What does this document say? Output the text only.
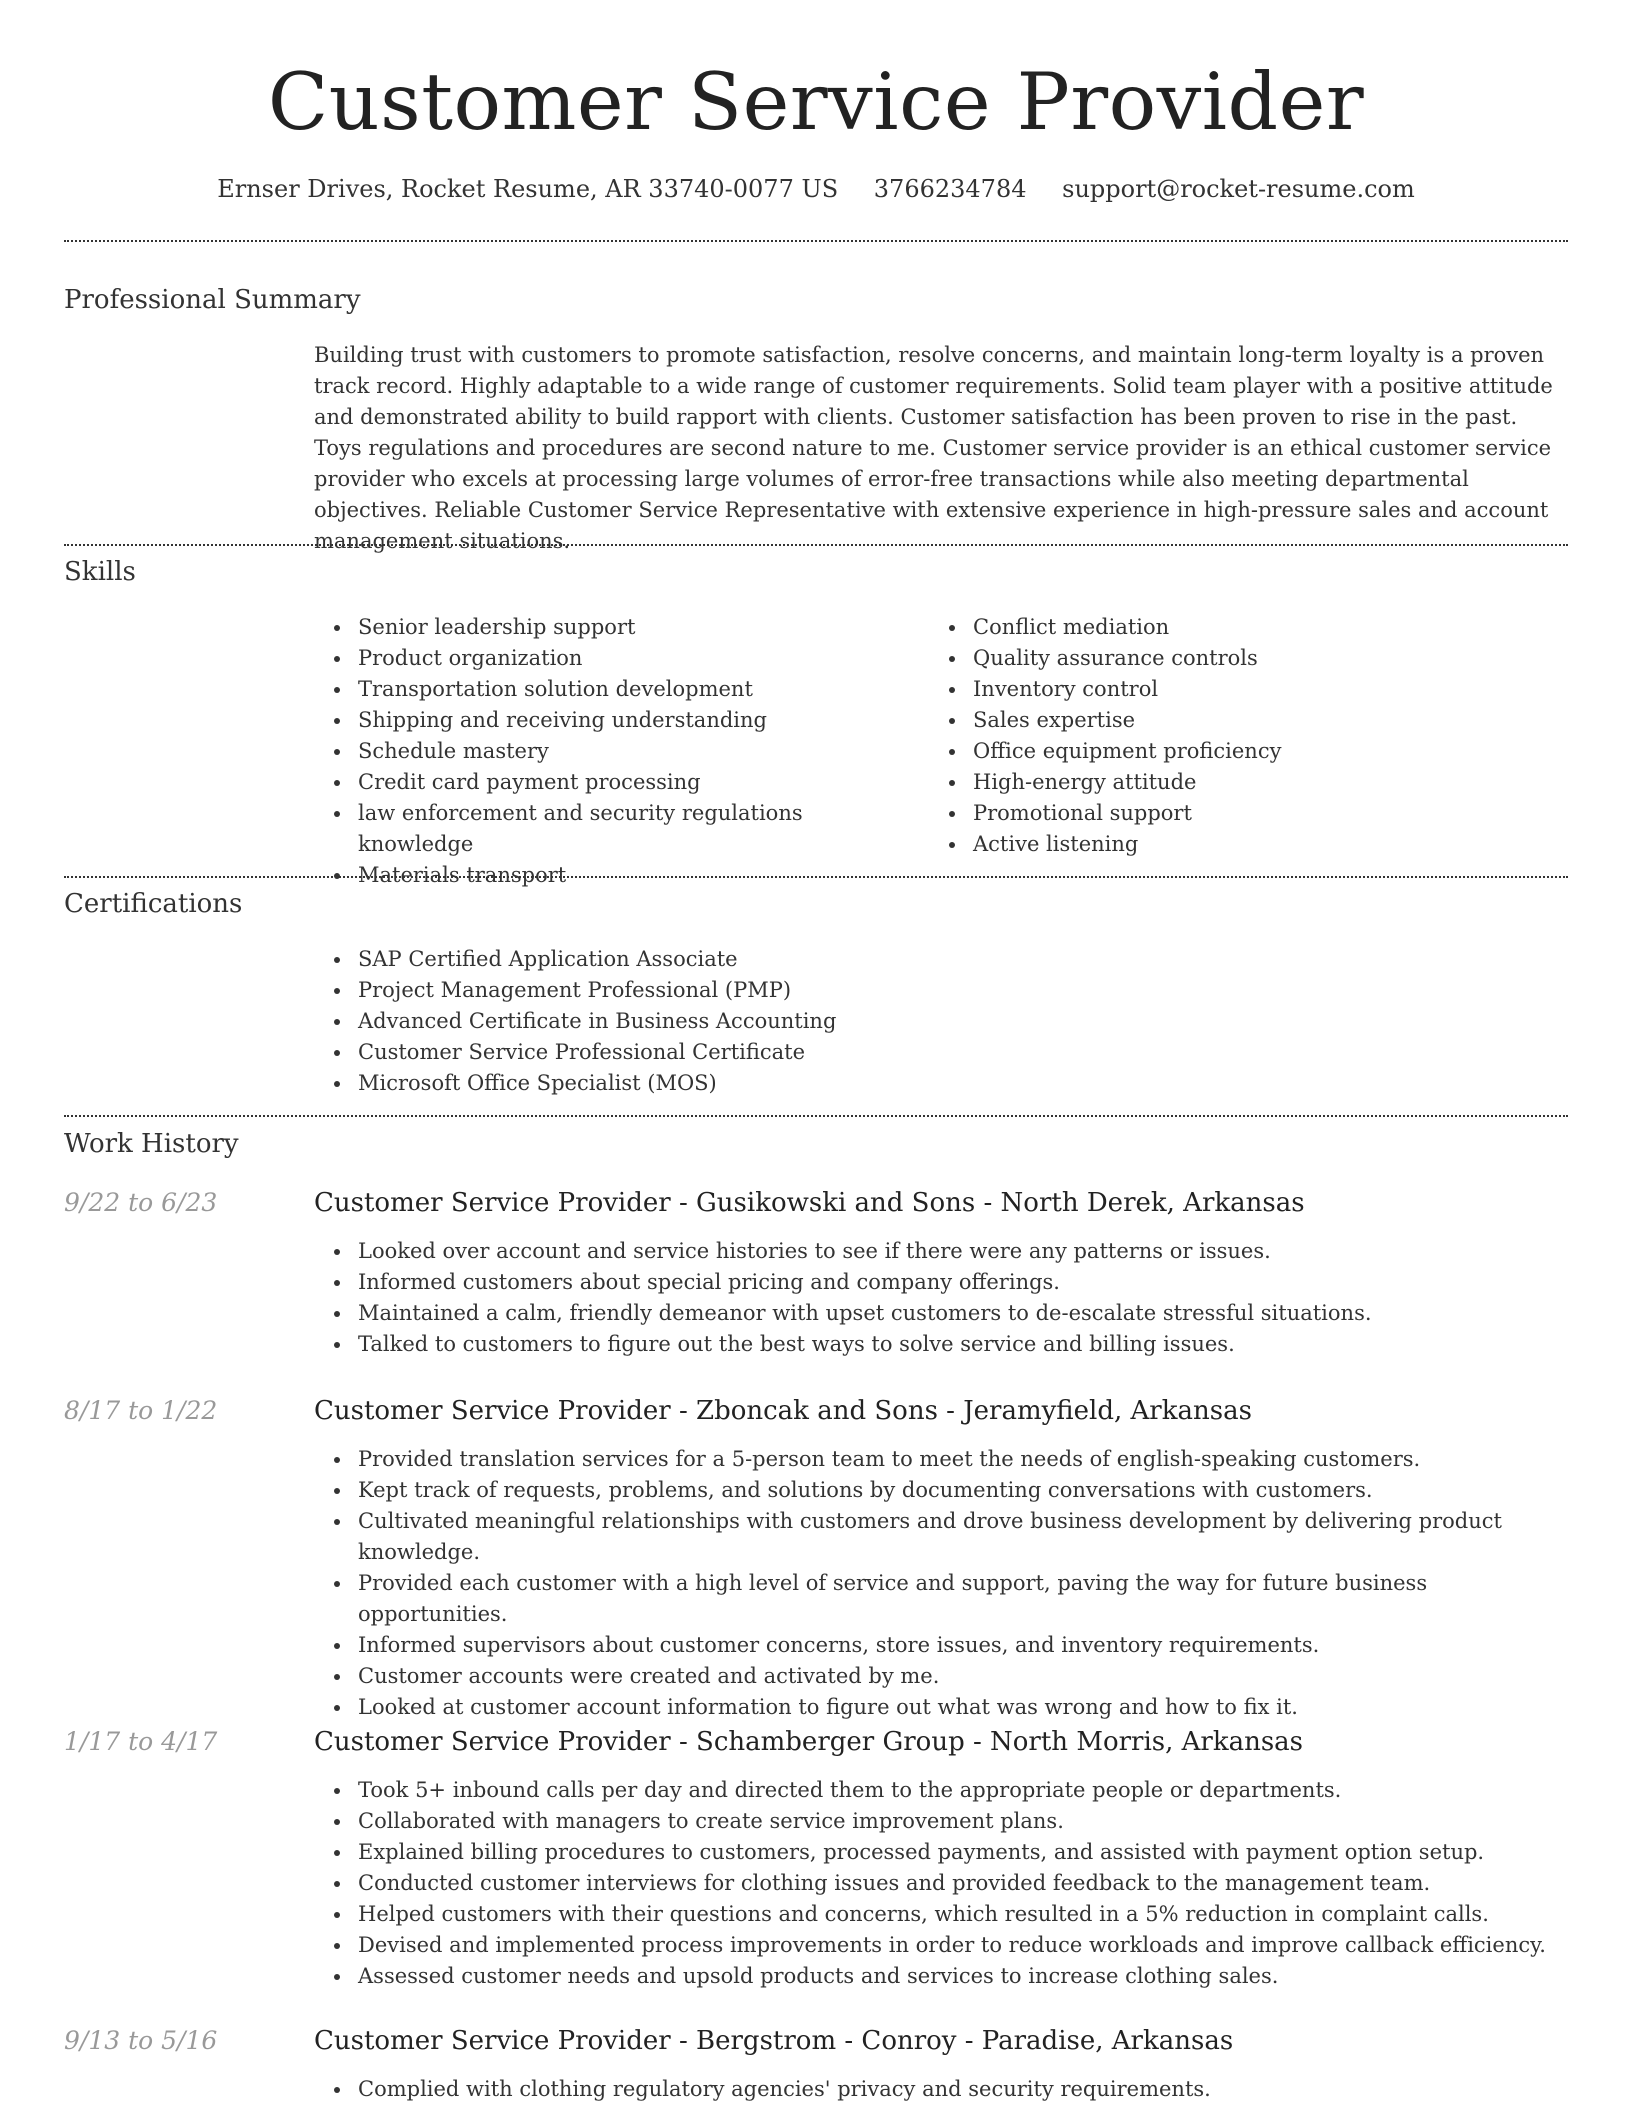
Customer Service Provider
Ernser Drives, Rocket Resume, AR 33740-0077 US 3766234784 support@rocket-resume.com
Professional Summary
Building trust with customers to promote satisfaction, resolve concerns, and maintain long-term loyalty is a proven track record. Highly adaptable to a wide range of customer requirements. Solid team player with a positive attitude and demonstrated ability to build rapport with clients. Customer satisfaction has been proven to rise in the past. Toys regulations and procedures are second nature to me. Customer service provider is an ethical customer service provider who excels at processing large volumes of error-free transactions while also meeting departmental objectives. Reliable Customer Service Representative with extensive experience in high-pressure sales and account management situations.
Skills
Senior leadership support
Product organization
Transportation solution development
Shipping and receiving understanding
Schedule mastery
Credit card payment processing
law enforcement and security regulations knowledge
Materials transport
Conflict mediation
Quality assurance controls
Inventory control
Sales expertise
Office equipment proficiency
High-energy attitude
Promotional support
Active listening
Certifications
SAP Certified Application Associate
Project Management Professional (PMP)
Advanced Certificate in Business Accounting
Customer Service Professional Certificate
Microsoft Office Specialist (MOS)
Work History
9/22 to 6/23	Customer Service Provider - Gusikowski and Sons - North Derek, Arkansas
Looked over account and service histories to see if there were any patterns or issues.
Informed customers about special pricing and company offerings.
Maintained a calm, friendly demeanor with upset customers to de-escalate stressful situations.
Talked to customers to figure out the best ways to solve service and billing issues.
8/17 to 1/22	Customer Service Provider - Zboncak and Sons - Jeramyfield, Arkansas
Provided translation services for a 5-person team to meet the needs of english-speaking customers.
Kept track of requests, problems, and solutions by documenting conversations with customers.
Cultivated meaningful relationships with customers and drove business development by delivering product knowledge.
Provided each customer with a high level of service and support, paving the way for future business opportunities.
Informed supervisors about customer concerns, store issues, and inventory requirements.
Customer accounts were created and activated by me.
Looked at customer account information to figure out what was wrong and how to fix it.
1/17 to 4/17	Customer Service Provider - Schamberger Group - North Morris, Arkansas
Took 5+ inbound calls per day and directed them to the appropriate people or departments.
Collaborated with managers to create service improvement plans.
Explained billing procedures to customers, processed payments, and assisted with payment option setup.
Conducted customer interviews for clothing issues and provided feedback to the management team.
Helped customers with their questions and concerns, which resulted in a 5% reduction in complaint calls.
Devised and implemented process improvements in order to reduce workloads and improve callback efficiency.
Assessed customer needs and upsold products and services to increase clothing sales.
9/13 to 5/16	Customer Service Provider - Bergstrom - Conroy - Paradise, Arkansas
Complied with clothing regulatory agencies' privacy and security requirements.
